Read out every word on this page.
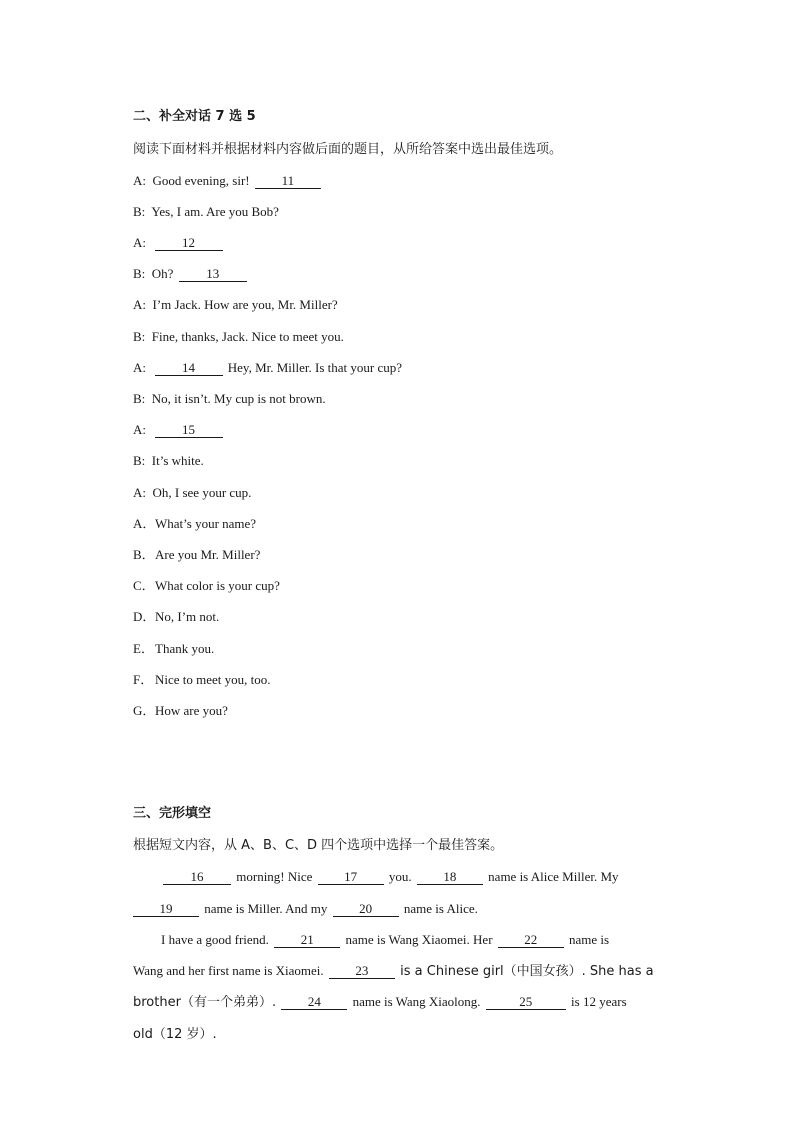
二、补全对话 7 选 5
阅读下面材料并根据材料内容做后面的题目，从所给答案中选出最佳选项。
A: Good evening, sir! 11
B: Yes, I am. Are you Bob?
A:	12
B: Oh?	13
A: I’m Jack. How are you, Mr. Miller?
B: Fine, thanks, Jack. Nice to meet you.
A:	14	Hey, Mr. Miller. Is that your cup?
B: No, it isn’t. My cup is not brown.
A:	15
B: It’s white.
A: Oh, I see your cup.
A．What’s your name?
B．Are you Mr. Miller?
C．What color is your cup?
D．No, I’m not.
E．Thank you.
F． Nice to meet you, too.
G．How are you?
三、完形填空
根据短文内容，从 A、B、C、D 四个选项中选择一个最佳答案。
16	morning! Nice 17 you. 18 name is Alice Miller. My
19 name is Miller. And my 20 name is Alice.
I have a good friend. 21 name is Wang Xiaomei. Her 22 name is
Wang and her first name is Xiaomei. 23 is a Chinese girl（中国女孩）. She has a
brother（有一个弟弟）. 24 name is Wang Xiaolong.	25	is 12 years
old（12 岁）.
